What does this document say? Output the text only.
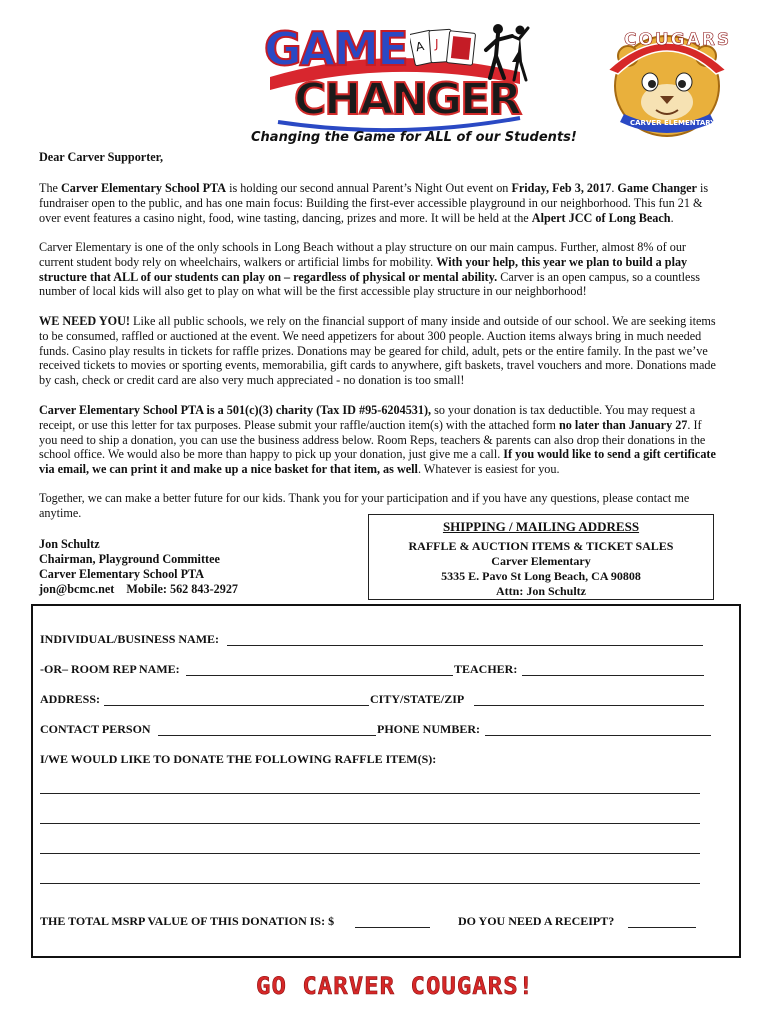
GAME
CHANGER
A J	COUGARS
CARVER ELEMENTARY
Changing the Game for ALL of our Students!

Dear Carver Supporter,

The Carver Elementary School PTA is holding our second annual Parent’s Night Out event on Friday, Feb 3, 2017. Game Changer is fundraiser open to the public, and has one main focus: Building the first-ever accessible playground in our neighborhood. This fun 21 & over event features a casino night, food, wine tasting, dancing, prizes and more. It will be held at the Alpert JCC of Long Beach.

Carver Elementary is one of the only schools in Long Beach without a play structure on our main campus. Further, almost 8% of our current student body rely on wheelchairs, walkers or artificial limbs for mobility. With your help, this year we plan to build a play structure that ALL of our students can play on – regardless of physical or mental ability. Carver is an open campus, so a countless number of local kids will also get to play on what will be the first accessible play structure in our neighborhood!

WE NEED YOU! Like all public schools, we rely on the financial support of many inside and outside of our school. We are seeking items to be consumed, raffled or auctioned at the event. We need appetizers for about 300 people. Auction items always bring in much needed funds. Casino play results in tickets for raffle prizes. Donations may be geared for child, adult, pets or the entire family. In the past we’ve received tickets to movies or sporting events, memorabilia, gift cards to anywhere, gift baskets, travel vouchers and more. Donations made by cash, check or credit card are also very much appreciated - no donation is too small!

Carver Elementary School PTA is a 501(c)(3) charity (Tax ID #95-6204531), so your donation is tax deductible. You may request a receipt, or use this letter for tax purposes. Please submit your raffle/auction item(s) with the attached form no later than January 27. If you need to ship a donation, you can use the business address below. Room Reps, teachers & parents can also drop their donations in the school office. We would also be more than happy to pick up your donation, just give me a call. If you would like to send a gift certificate via email, we can print it and make up a nice basket for that item, as well. Whatever is easiest for you.

Together, we can make a better future for our kids. Thank you for your participation and if you have any questions, please contact me anytime.

Jon Schultz
Chairman, Playground Committee
Carver Elementary School PTA
jon@bcmc.net Mobile: 562 843-2927
SHIPPING / MAILING ADDRESS
RAFFLE & AUCTION ITEMS & TICKET SALES
Carver Elementary
5335 E. Pavo St Long Beach, CA 90808
Attn: Jon Schultz
INDIVIDUAL/BUSINESS NAME:
-OR– ROOM REP NAME:	TEACHER:
ADDRESS:	CITY/STATE/ZIP
CONTACT PERSON	PHONE NUMBER:
I/WE WOULD LIKE TO DONATE THE FOLLOWING RAFFLE ITEM(S):
THE TOTAL MSRP VALUE OF THIS DONATION IS: $	DO YOU NEED A RECEIPT?
GO CARVER COUGARS!
